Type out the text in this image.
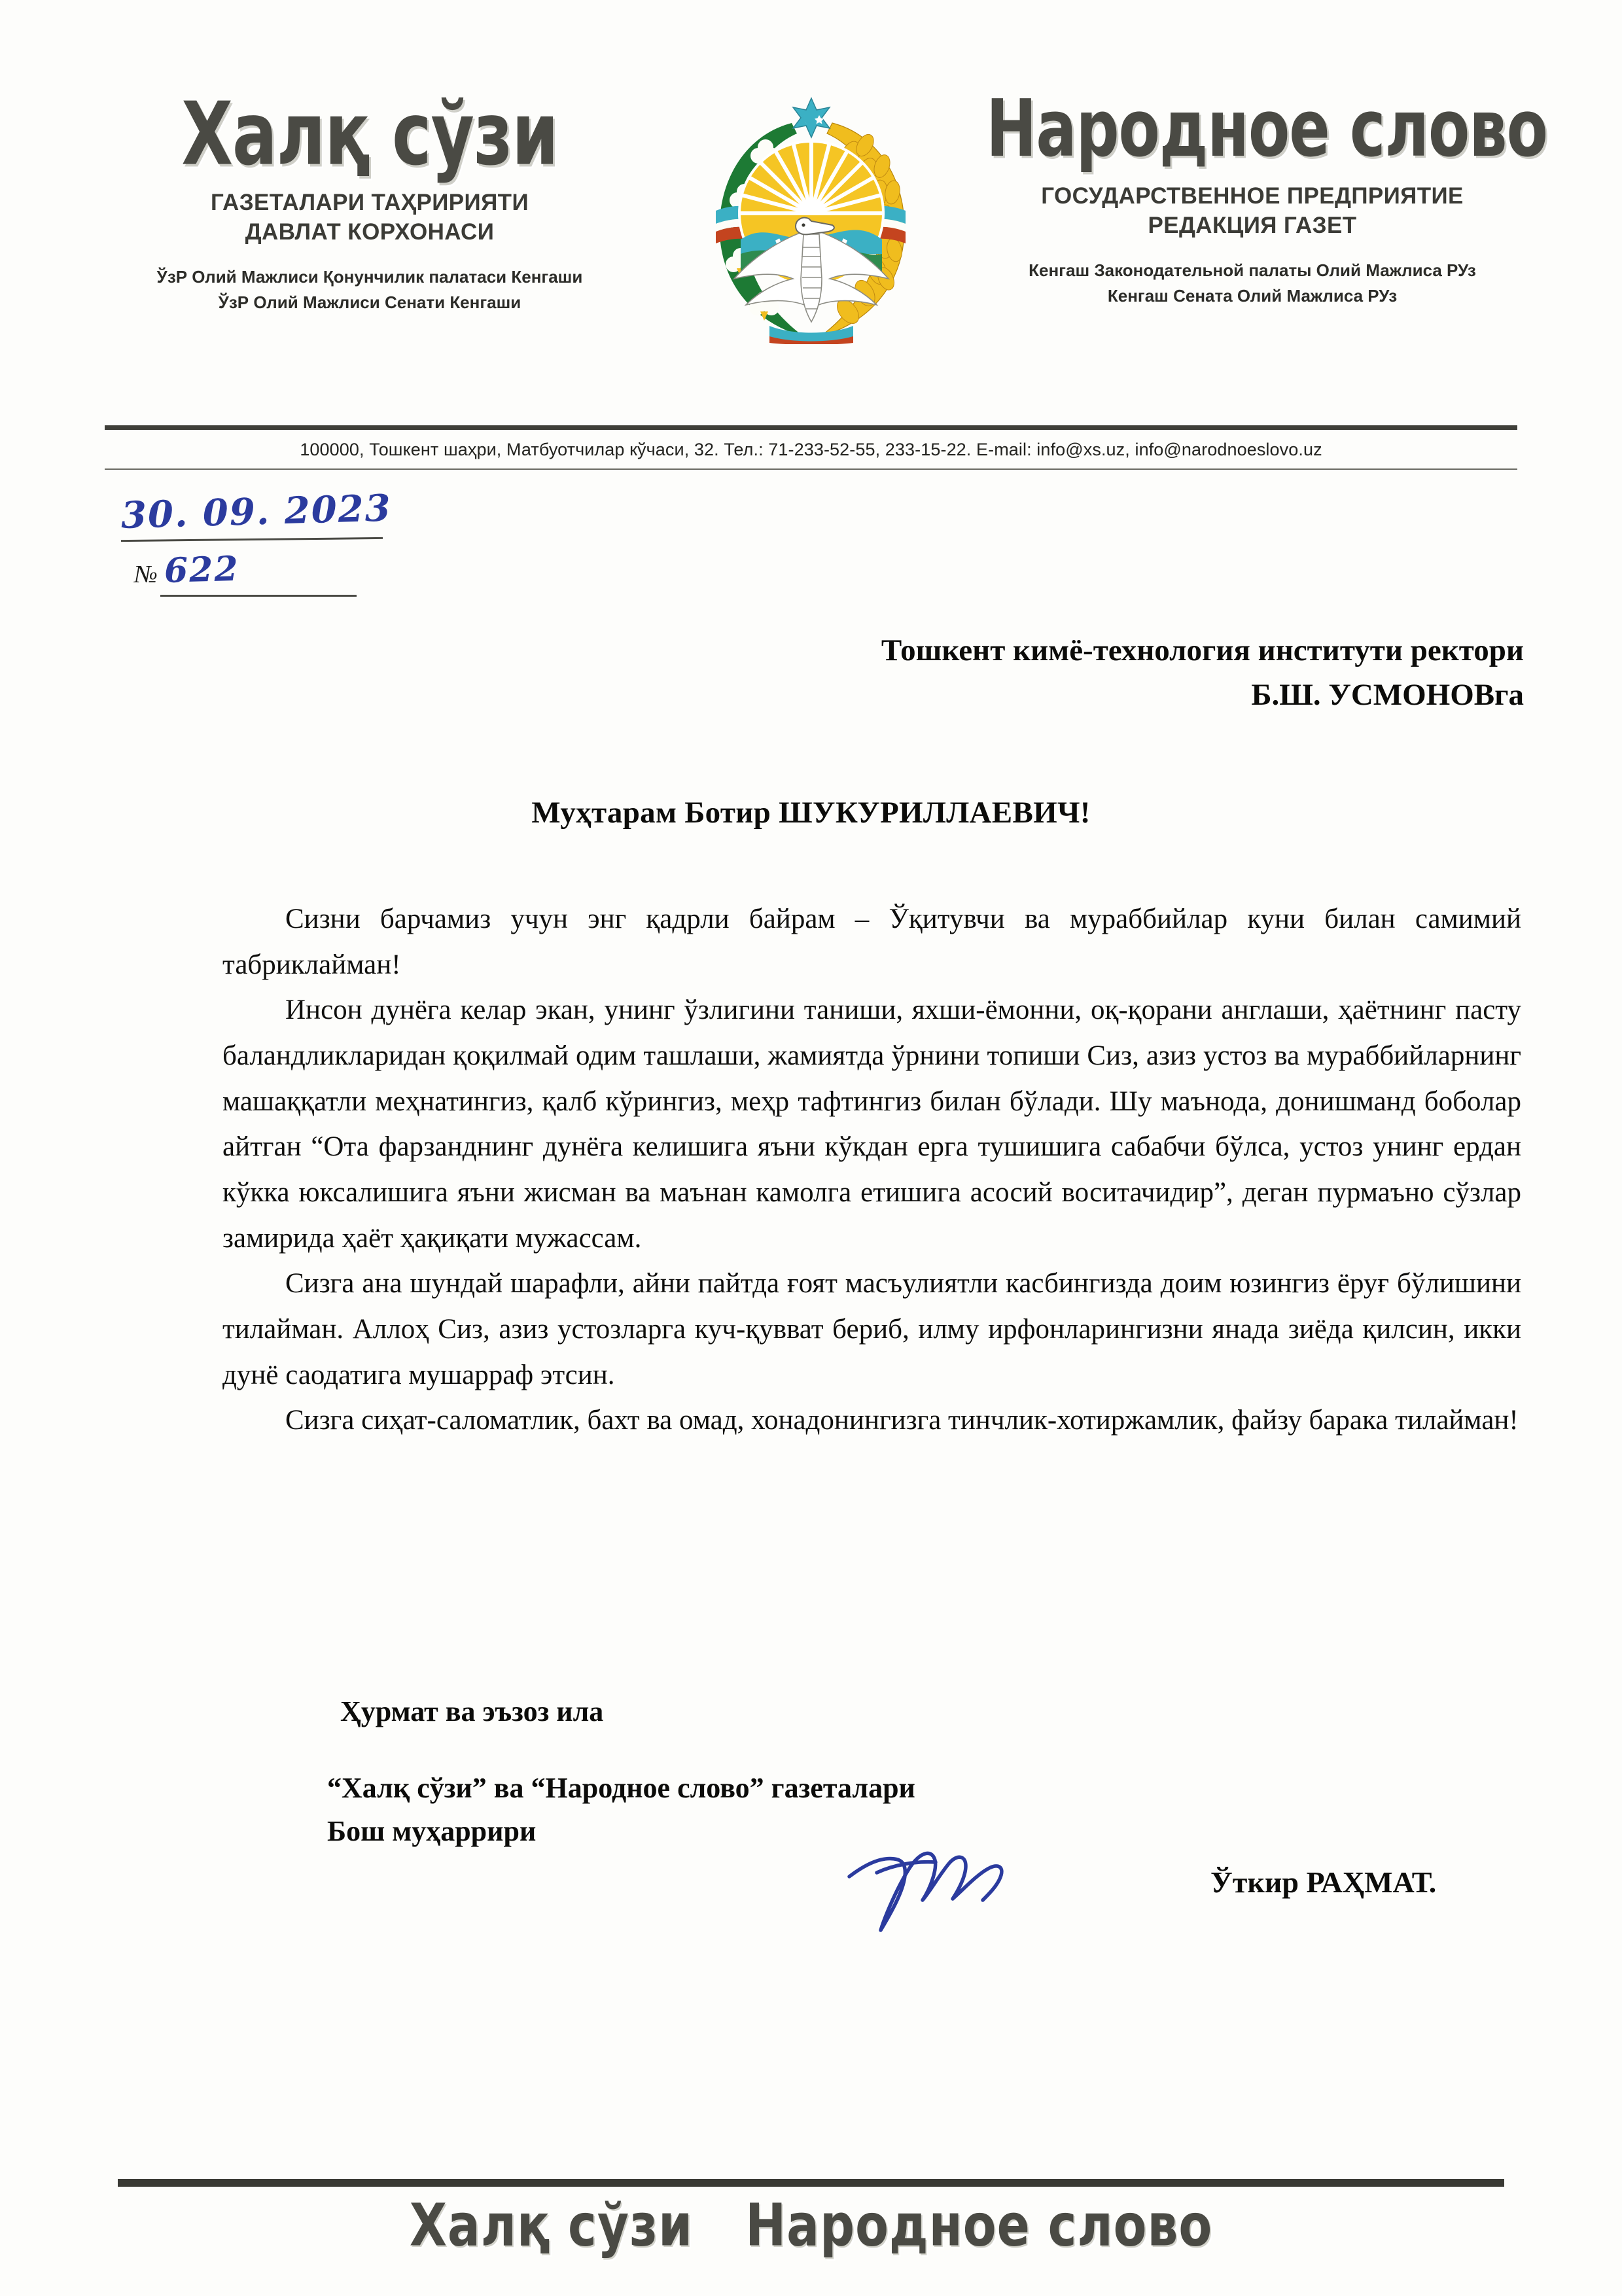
Халқ сўзи
ГАЗЕТАЛАРИ ТАҲРИРИЯТИ
ДАВЛАТ КОРХОНАСИ
ЎзР Олий Мажлиси Қонунчилик палатаси Кенгаши
ЎзР Олий Мажлиси Сенати Кенгаши
Народное слово
ГОСУДАРСТВЕННОЕ ПРЕДПРИЯТИЕ
РЕДАКЦИЯ ГАЗЕТ
Кенгаш Законодательной палаты Олий Мажлиса РУз
Кенгаш Сената Олий Мажлиса РУз
100000, Тошкент шаҳри, Матбуотчилар кўчаси, 32. Тел.: 71-233-52-55, 233-15-22. E-mail: info@xs.uz, info@narodnoeslovo.uz
30. 09. 2023
№ 622
Тошкент кимё-технология институти ректори
Б.Ш. УСМОНОВга
Муҳтарам Ботир ШУКУРИЛЛАЕВИЧ!

Сизни барчамиз учун энг қадрли байрам – Ўқитувчи ва мураббийлар куни билан самимий табриклайман!

Инсон дунёга келар экан, унинг ўзлигини таниши, яхши-ёмонни, оқ-қорани англаши, ҳаётнинг пасту баландликларидан қоқилмай одим ташлаши, жамиятда ўрнини топиши Сиз, азиз устоз ва мураббийларнинг машаққатли меҳнатингиз, қалб кўрингиз, меҳр тафтингиз билан бўлади. Шу маънода, донишманд боболар айтган “Ота фарзанднинг дунёга келишига яъни кўкдан ерга тушишига сабабчи бўлса, устоз унинг ердан кўкка юксалишига яъни жисман ва маънан камолга етишига асосий воситачидир”, деган пурмаъно сўзлар замирида ҳаёт ҳақиқати мужассам.

Сизга ана шундай шарафли, айни пайтда ғоят масъулиятли касбингизда доим юзингиз ёруғ бўлишини тилайман. Аллоҳ Сиз, азиз устозларга куч-қувват бериб, илму ирфонларингизни янада зиёда қилсин, икки дунё саодатига мушарраф этсин.

Сизга сиҳат-саломатлик, бахт ва омад, хонадонингизга тинчлик-хотиржамлик, файзу барака тилайман!

Ҳурмат ва эъзоз ила
“Халқ сўзи” ва “Народное слово” газеталари
Бош муҳаррири
Ўткир РАҲМАТ.
Халқ сўзи   Народное слово
